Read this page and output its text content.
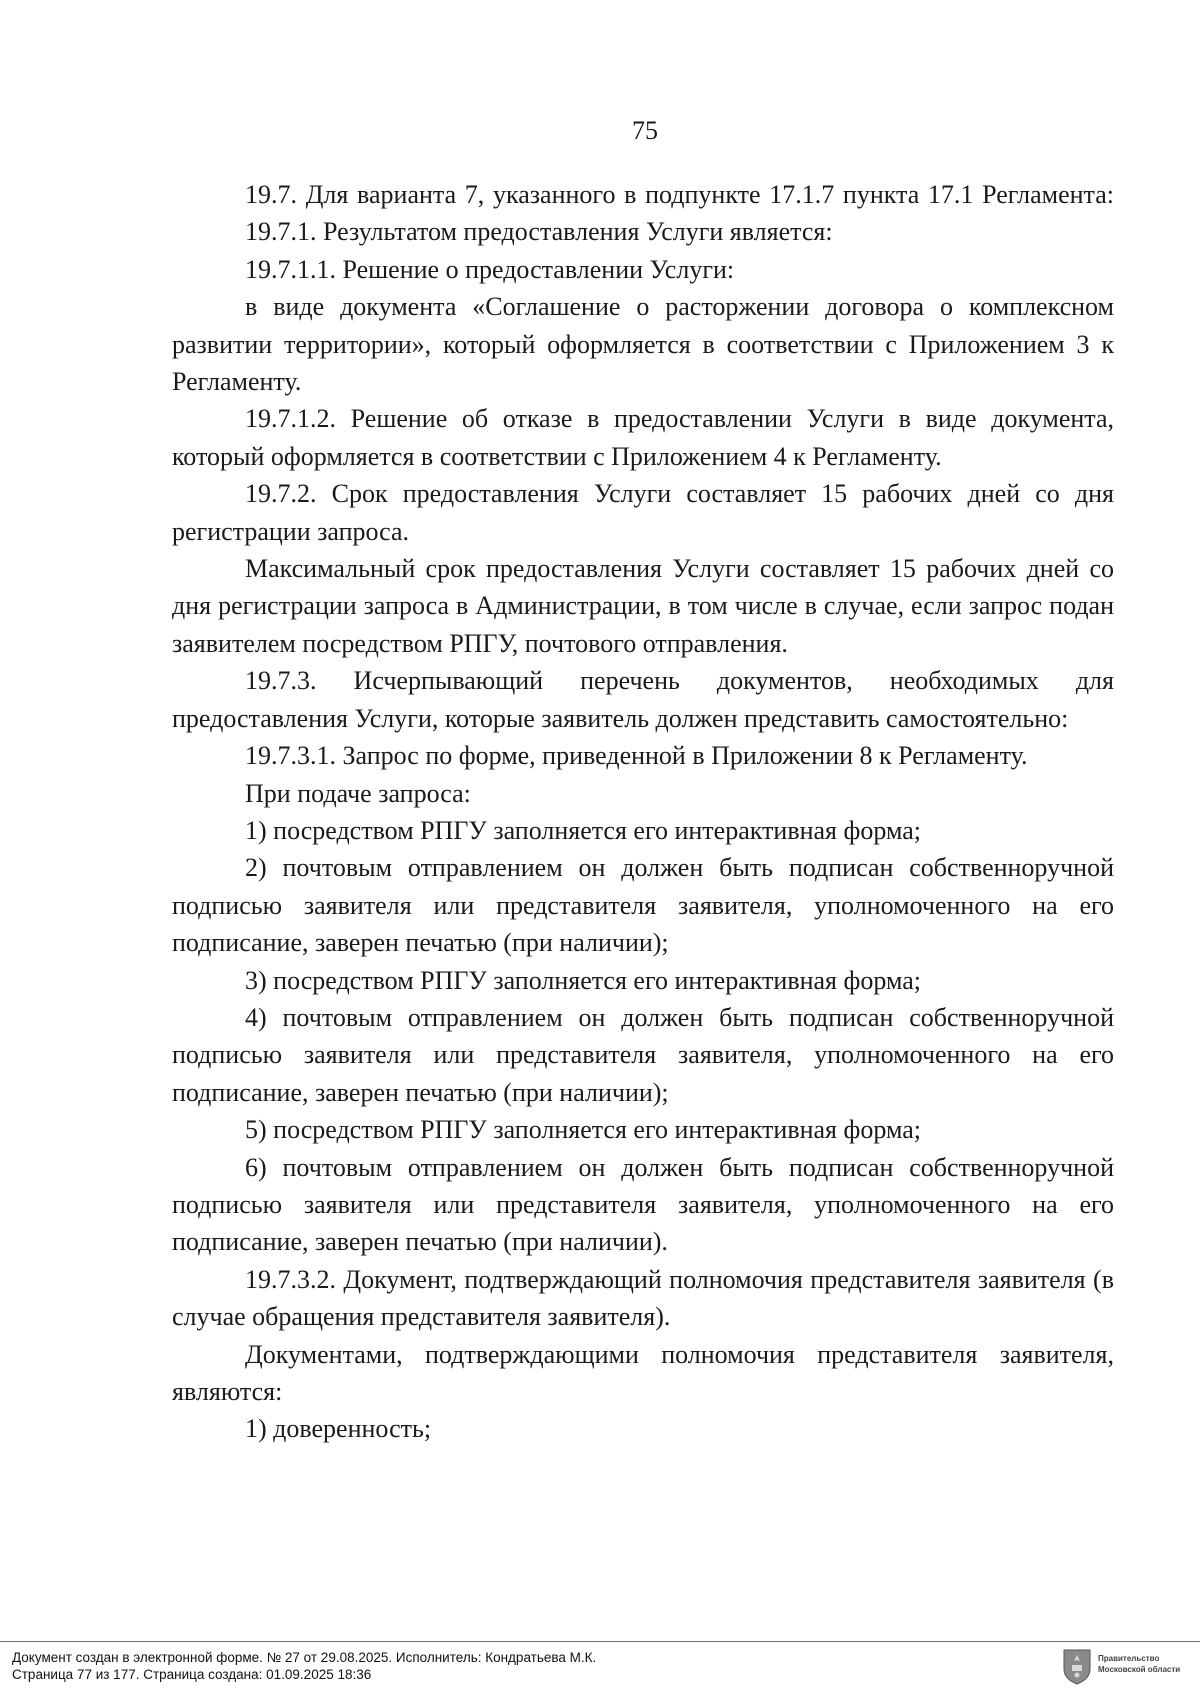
75

19.7. Для варианта 7, указанного в подпункте 17.1.7 пункта 17.1 Регламента:

19.7.1. Результатом предоставления Услуги является:

19.7.1.1. Решение о предоставлении Услуги:

в виде документа «Соглашение о расторжении договора о комплексном развитии территории», который оформляется в соответствии с Приложением 3 к Регламенту.

19.7.1.2. Решение об отказе в предоставлении Услуги в виде документа, который оформляется в соответствии с Приложением 4 к Регламенту.

19.7.2. Срок предоставления Услуги составляет 15 рабочих дней со дня регистрации запроса.

Максимальный срок предоставления Услуги составляет 15 рабочих дней со дня регистрации запроса в Администрации, в том числе в случае, если запрос подан заявителем посредством РПГУ, почтового отправления.

19.7.3. Исчерпывающий перечень документов, необходимых для предоставления Услуги, которые заявитель должен представить самостоятельно:

19.7.3.1. Запрос по форме, приведенной в Приложении 8 к Регламенту.

При подаче запроса:

1) посредством РПГУ заполняется его интерактивная форма;

2) почтовым отправлением он должен быть подписан собственноручной подписью заявителя или представителя заявителя, уполномоченного на его подписание, заверен печатью (при наличии);

3) посредством РПГУ заполняется его интерактивная форма;

4) почтовым отправлением он должен быть подписан собственноручной подписью заявителя или представителя заявителя, уполномоченного на его подписание, заверен печатью (при наличии);

5) посредством РПГУ заполняется его интерактивная форма;

6) почтовым отправлением он должен быть подписан собственноручной подписью заявителя или представителя заявителя, уполномоченного на его подписание, заверен печатью (при наличии).

19.7.3.2. Документ, подтверждающий полномочия представителя заявителя (в случае обращения представителя заявителя).

Документами, подтверждающими полномочия представителя заявителя, являются:

1) доверенность;

Документ создан в электронной форме. № 27 от 29.08.2025. Исполнитель: Кондратьева М.К.
Страница 77 из 177. Страница создана: 01.09.2025 18:36
Правительство
Московской области
